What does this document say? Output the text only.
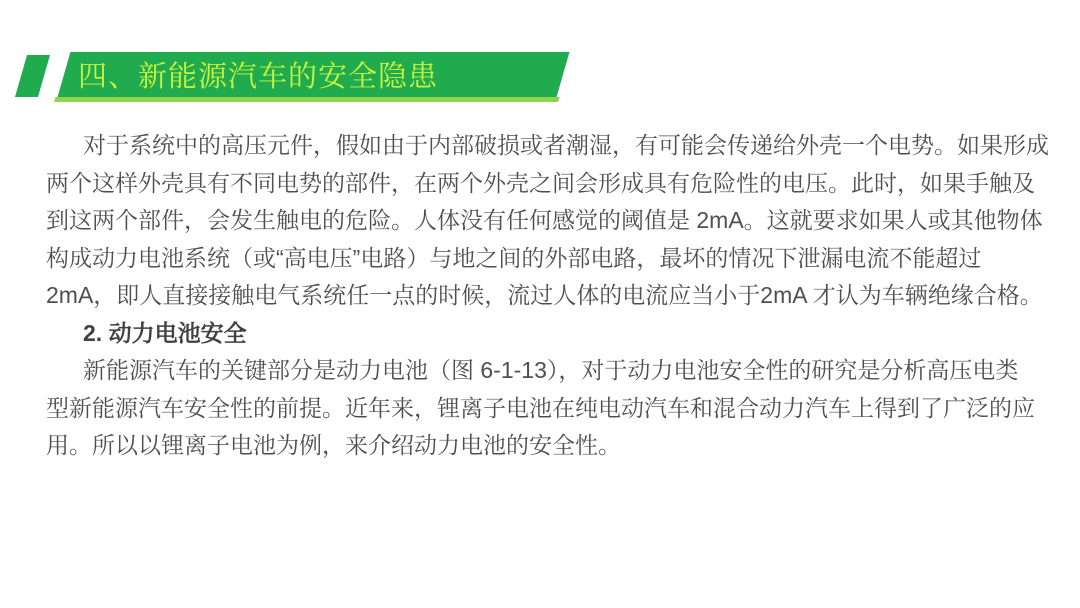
四、新能源汽车的安全隐患
对于系统中的高压元件，假如由于内部破损或者潮湿，有可能会传递给外壳一个电势。如果形成
两个这样外壳具有不同电势的部件，在两个外壳之间会形成具有危险性的电压。此时，如果手触及
到这两个部件，会发生触电的危险。人体没有任何感觉的阈值是 2mA。这就要求如果人或其他物体
构成动力电池系统（或“高电压”电路）与地之间的外部电路，最坏的情况下泄漏电流不能超过
2mA，即人直接接触电气系统任一点的时候，流过人体的电流应当小于2mA 才认为车辆绝缘合格。
2. 动力电池安全
新能源汽车的关键部分是动力电池（图 6-1-13），对于动力电池安全性的研究是分析高压电类
型新能源汽车安全性的前提。近年来，锂离子电池在纯电动汽车和混合动力汽车上得到了广泛的应
用。所以以锂离子电池为例，来介绍动力电池的安全性。
